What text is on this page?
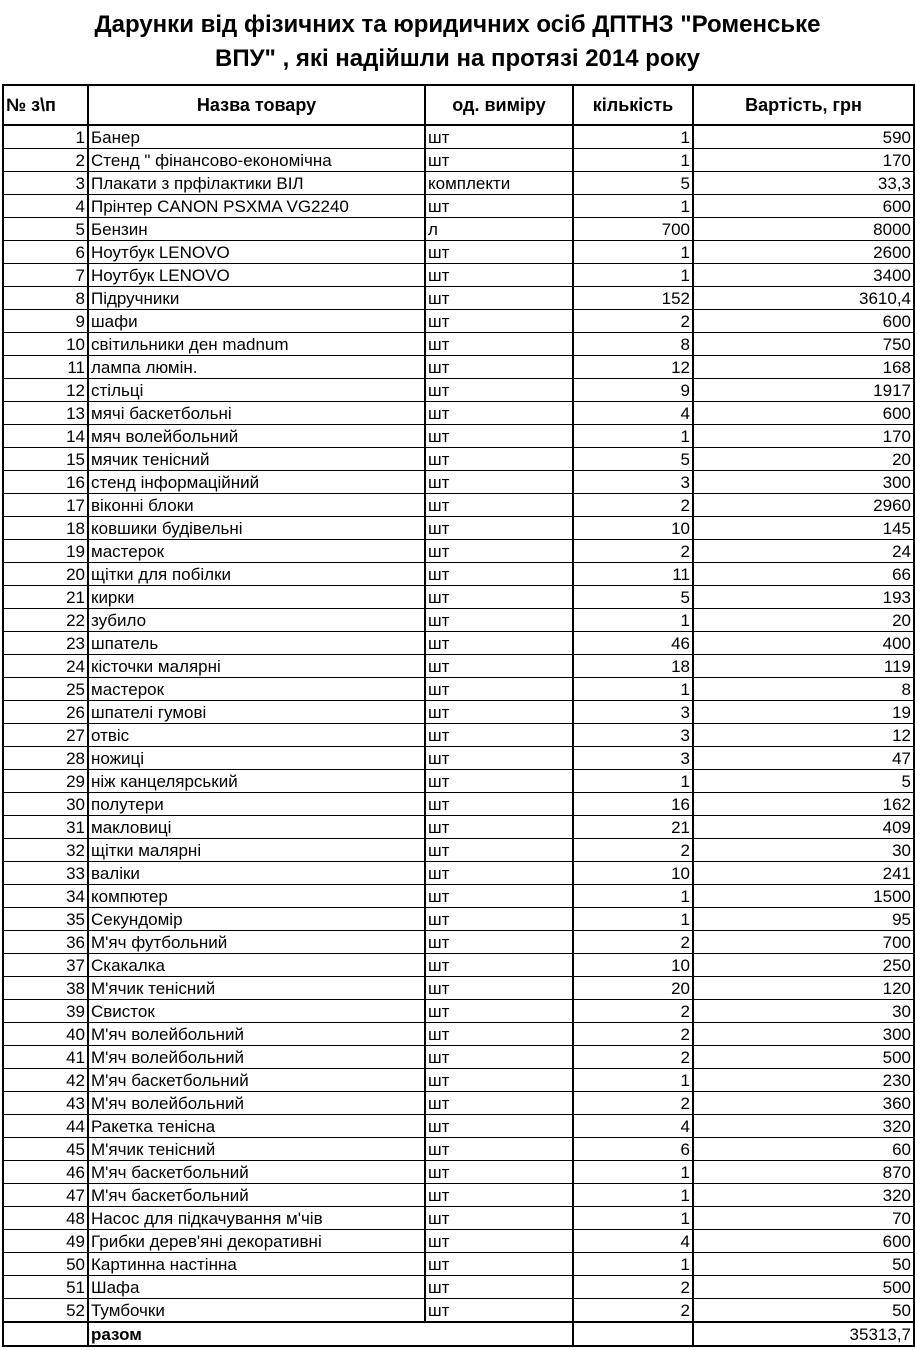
Дарунки від фізичних та юридичних осіб ДПТНЗ "Роменське
ВПУ" , які надійшли на протязі 2014 року
№ з\п	Назва товару	од. виміру	кількість	Вартість, грн
1	Банер	шт	1	590
2	Стенд " фінансово-економічна	шт	1	170
3	Плакати з прфілактики ВІЛ	комплекти	5	33,3
4	Прінтер CANON PSXMA VG2240	шт	1	600
5	Бензин	л	700	8000
6	Ноутбук LENOVO	шт	1	2600
7	Ноутбук LENOVO	шт	1	3400
8	Підручники	шт	152	3610,4
9	шафи	шт	2	600
10	світильники ден madnum	шт	8	750
11	лампа люмін.	шт	12	168
12	стільці	шт	9	1917
13	мячі баскетбольні	шт	4	600
14	мяч волейбольний	шт	1	170
15	мячик тенісний	шт	5	20
16	стенд інформаційний	шт	3	300
17	віконні блоки	шт	2	2960
18	ковшики будівельні	шт	10	145
19	мастерок	шт	2	24
20	щітки для побілки	шт	11	66
21	кирки	шт	5	193
22	зубило	шт	1	20
23	шпатель	шт	46	400
24	кісточки малярні	шт	18	119
25	мастерок	шт	1	8
26	шпателі гумові	шт	3	19
27	отвіс	шт	3	12
28	ножиці	шт	3	47
29	ніж канцелярський	шт	1	5
30	полутери	шт	16	162
31	макловиці	шт	21	409
32	щітки малярні	шт	2	30
33	валіки	шт	10	241
34	компютер	шт	1	1500
35	Секундомір	шт	1	95
36	М'яч футбольний	шт	2	700
37	Скакалка	шт	10	250
38	М'ячик тенісний	шт	20	120
39	Свисток	шт	2	30
40	М'яч волейбольний	шт	2	300
41	М'яч волейбольний	шт	2	500
42	М'яч баскетбольний	шт	1	230
43	М'яч волейбольний	шт	2	360
44	Ракетка тенісна	шт	4	320
45	М'ячик тенісний	шт	6	60
46	М'яч баскетбольний	шт	1	870
47	М'яч баскетбольний	шт	1	320
48	Насос для підкачування м'чів	шт	1	70
49	Грибки дерев'яні декоративні	шт	4	600
50	Картинна настінна	шт	1	50
51	Шафа	шт	2	500
52	Тумбочки	шт	2	50
	разом			35313,7
